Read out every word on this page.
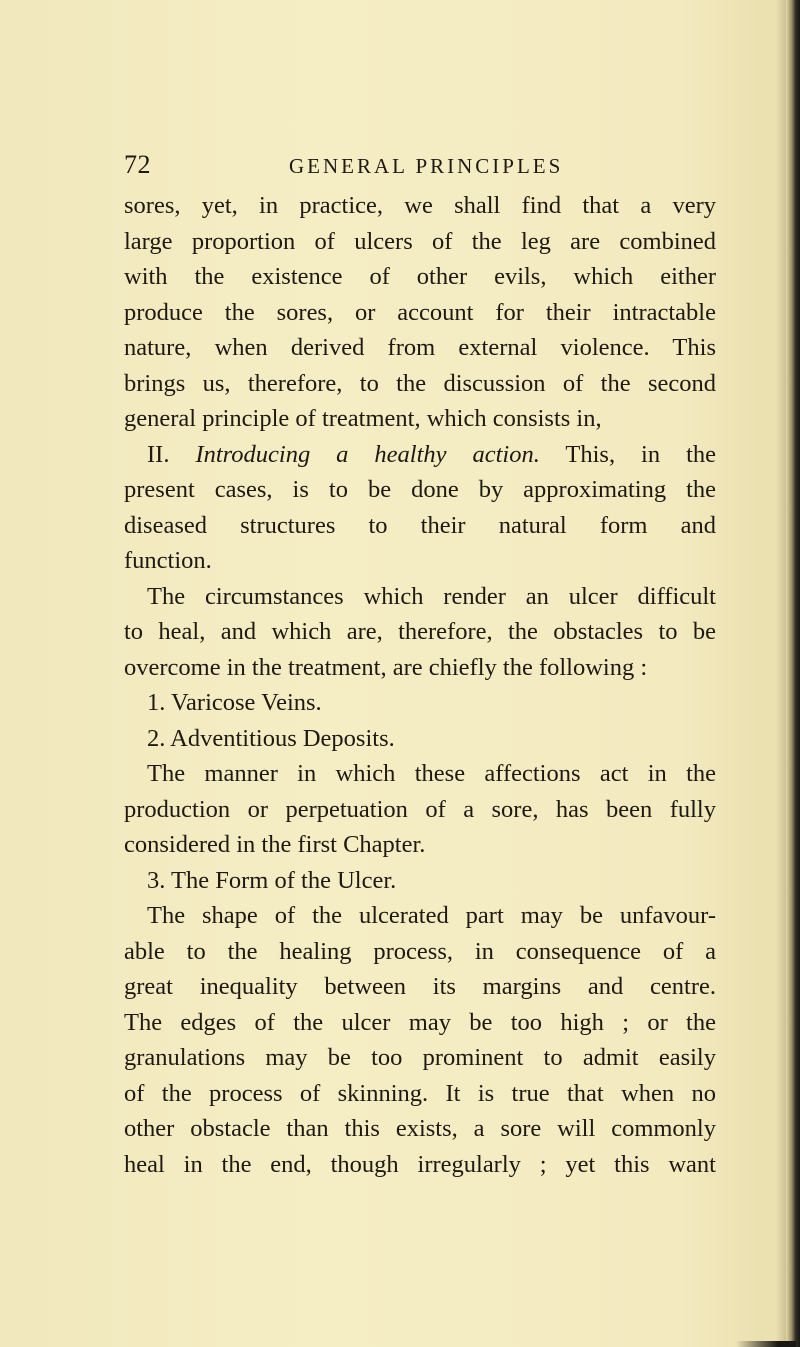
72	GENERAL PRINCIPLES
sores, yet, in practice, we shall find that a very
large proportion of ulcers of the leg are combined
with the existence of other evils, which either
produce the sores, or account for their intractable
nature, when derived from external violence. This
brings us, therefore, to the discussion of the second
general principle of treatment, which consists in,
II. Introducing a healthy action. This, in the
present cases, is to be done by approximating the
diseased structures to their natural form and
function.
The circumstances which render an ulcer difficult
to heal, and which are, therefore, the obstacles to be
overcome in the treatment, are chiefly the following :
1. Varicose Veins.
2. Adventitious Deposits.
The manner in which these affections act in the
production or perpetuation of a sore, has been fully
considered in the first Chapter.
3. The Form of the Ulcer.
The shape of the ulcerated part may be unfavour-
able to the healing process, in consequence of a
great inequality between its margins and centre.
The edges of the ulcer may be too high ; or the
granulations may be too prominent to admit easily
of the process of skinning. It is true that when no
other obstacle than this exists, a sore will commonly
heal in the end, though irregularly ; yet this want
